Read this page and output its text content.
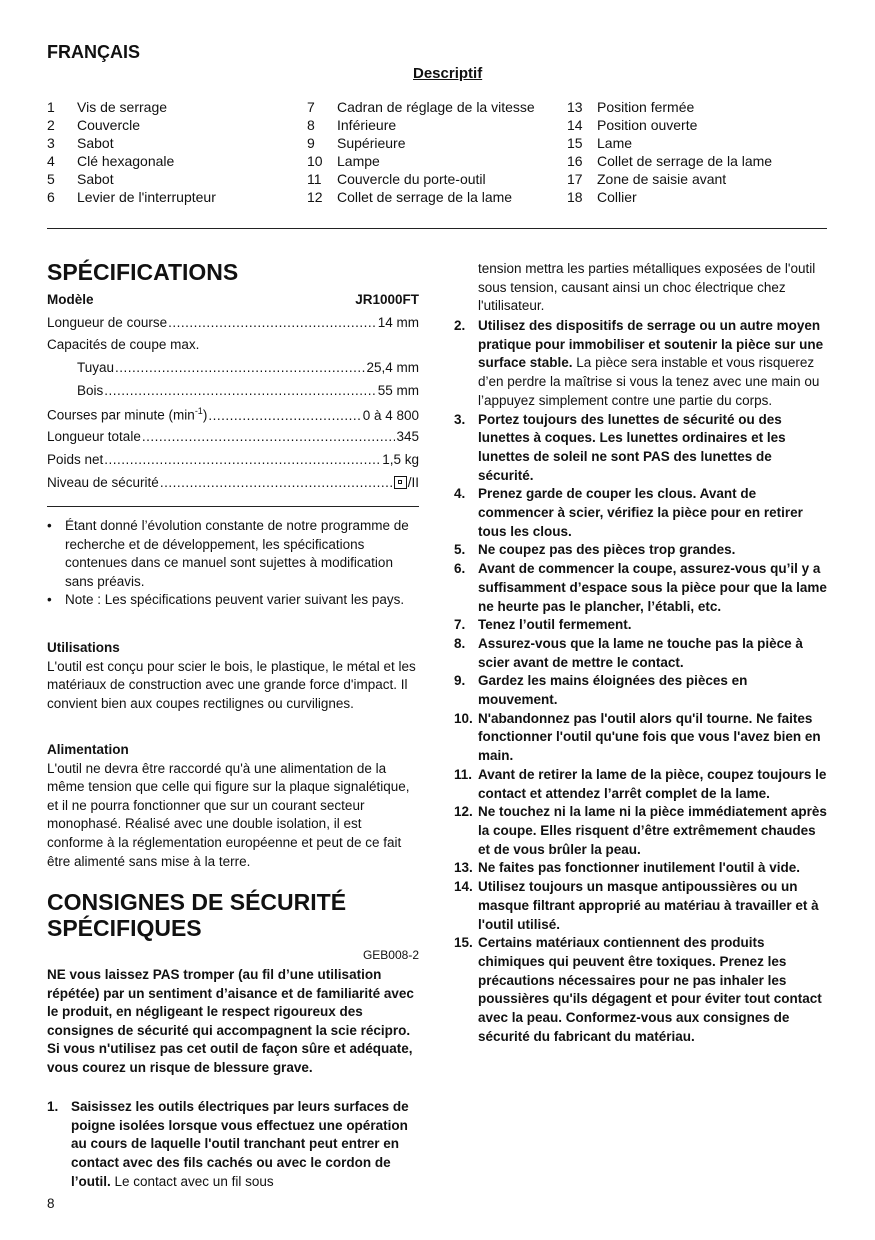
FRANÇAIS
Descriptif
1	Vis de serrage
2	Couvercle
3	Sabot
4	Clé hexagonale
5	Sabot
6	Levier de l'interrupteur
7	Cadran de réglage de la vitesse
8	Inférieure
9	Supérieure
10	Lampe
11	Couvercle du porte-outil
12	Collet de serrage de la lame
13	Position fermée
14	Position ouverte
15	Lame
16	Collet de serrage de la lame
17	Zone de saisie avant
18	Collier
SPÉCIFICATIONS
Modèle	JR1000FT
Longueur de course .....	14 mm
Capacités de coupe max.
Tuyau .....	25,4 mm
Bois .....	55 mm
Courses par minute $(\min^{-1})$ .....	0 à 4 800
Longueur totale .....	345
Poids net .....	1,5 kg
Niveau de sécurité .....	/II
• Étant donné l’évolution constante de notre programme de recherche et de développement, les spécifications contenues dans ce manuel sont sujettes à modification sans préavis.
• Note : Les spécifications peuvent varier suivant les pays.
Utilisations
L'outil est conçu pour scier le bois, le plastique, le métal et les matériaux de construction avec une grande force d'impact. Il convient bien aux coupes rectilignes ou curvilignes.
Alimentation
L'outil ne devra être raccordé qu'à une alimentation de la même tension que celle qui figure sur la plaque signalétique, et il ne pourra fonctionner que sur un courant secteur monophasé. Réalisé avec une double isolation, il est conforme à la réglementation européenne et peut de ce fait être alimenté sans mise à la terre.
CONSIGNES DE SÉCURITÉ
SPÉCIFIQUES
GEB008-2
NE vous laissez PAS tromper (au fil d’une utilisation répétée) par un sentiment d’aisance et de familiarité avec le produit, en négligeant le respect rigoureux des consignes de sécurité qui accompagnent la scie récipro. Si vous n'utilisez pas cet outil de façon sûre et adéquate, vous courez un risque de blessure grave.
1. Saisissez les outils électriques par leurs surfaces de poigne isolées lorsque vous effectuez une opération au cours de laquelle l'outil tranchant peut entrer en contact avec des fils cachés ou avec le cordon de l’outil. Le contact avec un fil sous
8
tension mettra les parties métalliques exposées de l'outil sous tension, causant ainsi un choc électrique chez l'utilisateur.
2. Utilisez des dispositifs de serrage ou un autre moyen pratique pour immobiliser et soutenir la pièce sur une surface stable. La pièce sera instable et vous risquerez d’en perdre la maîtrise si vous la tenez avec une main ou l’appuyez simplement contre une partie du corps.
3. Portez toujours des lunettes de sécurité ou des lunettes à coques. Les lunettes ordinaires et les lunettes de soleil ne sont PAS des lunettes de sécurité.
4. Prenez garde de couper les clous. Avant de commencer à scier, vérifiez la pièce pour en retirer tous les clous.
5. Ne coupez pas des pièces trop grandes.
6. Avant de commencer la coupe, assurez-vous qu’il y a suffisamment d’espace sous la pièce pour que la lame ne heurte pas le plancher, l’établi, etc.
7. Tenez l’outil fermement.
8. Assurez-vous que la lame ne touche pas la pièce à scier avant de mettre le contact.
9. Gardez les mains éloignées des pièces en mouvement.
10. N'abandonnez pas l'outil alors qu'il tourne. Ne faites fonctionner l'outil qu'une fois que vous l'avez bien en main.
11. Avant de retirer la lame de la pièce, coupez toujours le contact et attendez l’arrêt complet de la lame.
12. Ne touchez ni la lame ni la pièce immédiatement après la coupe. Elles risquent d’être extrêmement chaudes et de vous brûler la peau.
13. Ne faites pas fonctionner inutilement l'outil à vide.
14. Utilisez toujours un masque antipoussières ou un masque filtrant approprié au matériau à travailler et à l'outil utilisé.
15. Certains matériaux contiennent des produits chimiques qui peuvent être toxiques. Prenez les précautions nécessaires pour ne pas inhaler les poussières qu'ils dégagent et pour éviter tout contact avec la peau. Conformez-vous aux consignes de sécurité du fabricant du matériau.
